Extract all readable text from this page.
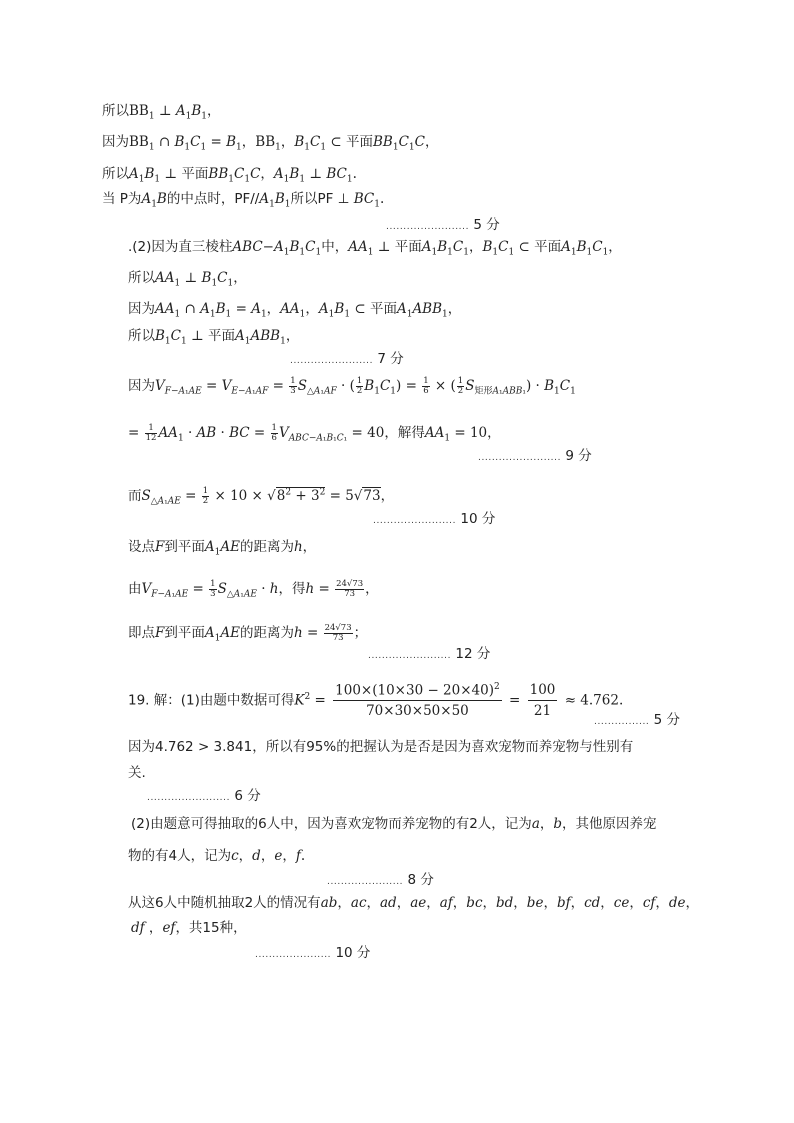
所以$BB_1$ ⊥ $A_1B_1$，
因为$BB_1$ ∩ $B_1C_1 = B_1$，$BB_1$，$B_1C_1$ ⊂ 平面$BB_1C_1C$，
所以$A_1B_1$ ⊥ 平面$BB_1C_1C$，$A_1B_1$ ⊥ $BC_1$.
当 P为$A_1B$的中点时，$PF//A_1B_1$所以PF ⊥ $BC_1$.
........................ 5 分
.(2)因为直三棱柱$ABC-A_1B_1C_1$中，$AA_1$ ⊥ 平面$A_1B_1C_1$，$B_1C_1$ ⊂ 平面$A_1B_1C_1$，
所以$AA_1$ ⊥ $B_1C_1$，
因为$AA_1$ ∩ $A_1B_1 = A_1$，$AA_1$，$A_1B_1$ ⊂ 平面$A_1ABB_1$，
所以$B_1C_1$ ⊥ 平面$A_1ABB_1$，
........................ 7 分
因为$V_{F-A_1AE} = V_{E-A_1AF} = \frac{1}{3} S_{\triangle A_1AF}$ · ( $\frac{1}{2} B_1C_1) = \frac{1}{6}$ × ( $\frac{1}{2} S_{矩形A_1ABB_1}) \cdot B_1C_1$
= $\frac{1}{12} AA_1$ · AB · BC = $\frac{1}{6} V_{ABC-A_1B_1C_1} = 40$，解得$AA_1 = 10$，
........................ 9 分
而$S_{\triangle A_1AE} = \frac{1}{2} \times 10 \times √8^2 + 3^2 = 5√73$，
........................ 10 分
设点F到平面$A_1AE$的距离为h，
由$V_{F-A_1AE} = \frac{1}{3} S_{\triangle A_1AE} \cdot h$，得$h = \frac{24√73}{73}$ ，
即点F到平面$A_1AE$的距离为$h = \frac{24√73}{73}$ ；
........................ 12 分
19. 解：(1)由题中数据可得$K^2 = \frac{100\times(10\times 30 - 20\times 40)^2}{70\times 30\times 50\times 50} = \frac{100}{21} \approx 4.762$.
................ 5 分
因为4.762 > 3.841，所以有95%的把握认为是否是因为喜欢宠物而养宠物与性别有
关.
........................ 6 分
(2)由题意可得抽取的6人中，因为喜欢宠物而养宠物的有2人，记为a，b，其他原因养宠
物的有4人，记为c，d，e，f.
...................... 8 分
从这6人中随机抽取2人的情况有ab，ac，ad，ae，af，bc，bd，be，bf，cd，ce，cf，de，
df ，ef，共15种，
...................... 10 分
